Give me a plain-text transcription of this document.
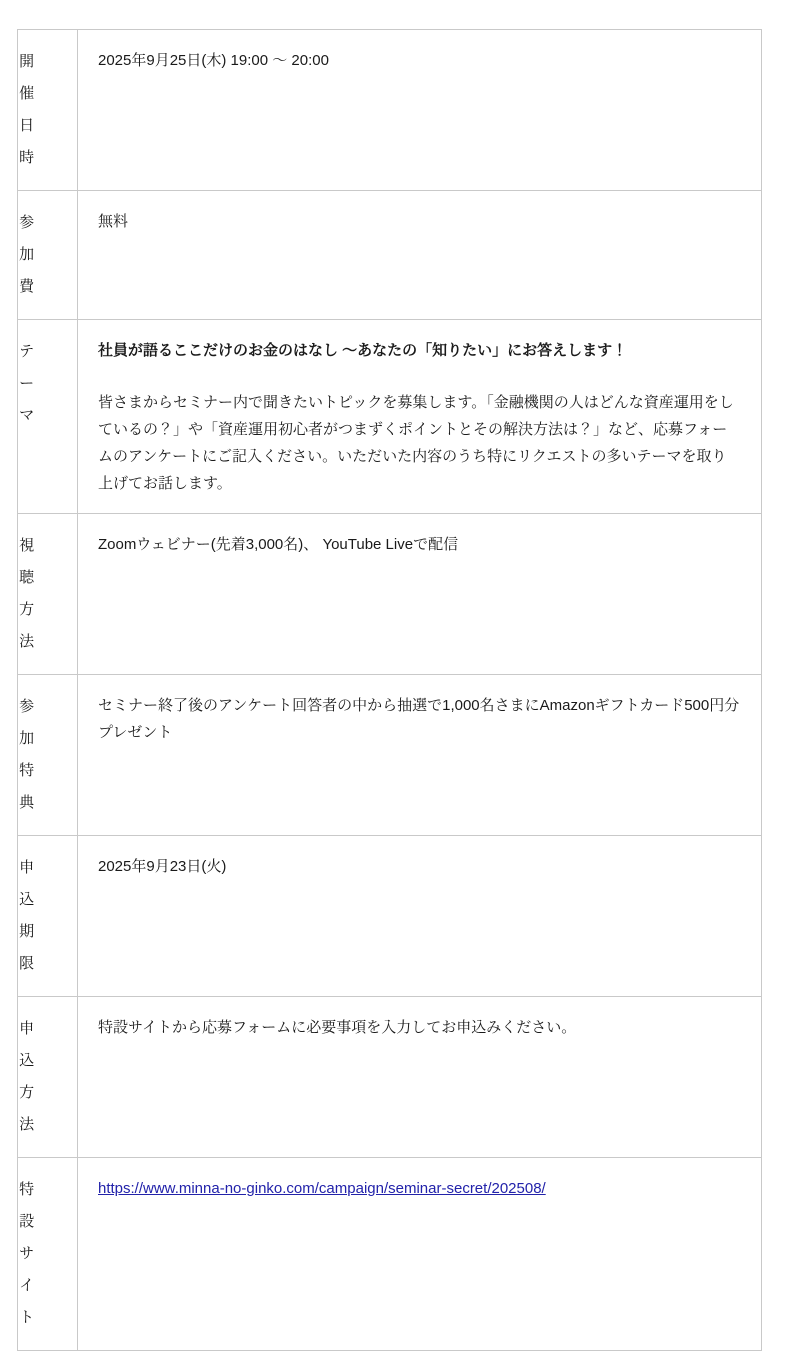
開催日時	2025年9月25日(木) 19:00 〜 20:00

参加費	無料

テーマ	社員が語るここだけのお金のはなし 〜あなたの「知りたい」にお答えします！

皆さまからセミナー内で聞きたいトピックを募集します。「金融機関の人はどんな資産運用をしているの？」や「資産運用初心者がつまずくポイントとその解決方法は？」など、応募フォームのアンケートにご記入ください。いただいた内容のうち特にリクエストの多いテーマを取り上げてお話します。

視聴方法	Zoomウェビナー(先着3,000名)、 YouTube Liveで配信

参加特典	セミナー終了後のアンケート回答者の中から抽選で1,000名さまにAmazonギフトカード500円分プレゼント

申込期限	2025年9月23日(火)

申込方法	特設サイトから応募フォームに必要事項を入力してお申込みください。

特設サイト	https://www.minna-no-ginko.com/campaign/seminar-secret/202508/
